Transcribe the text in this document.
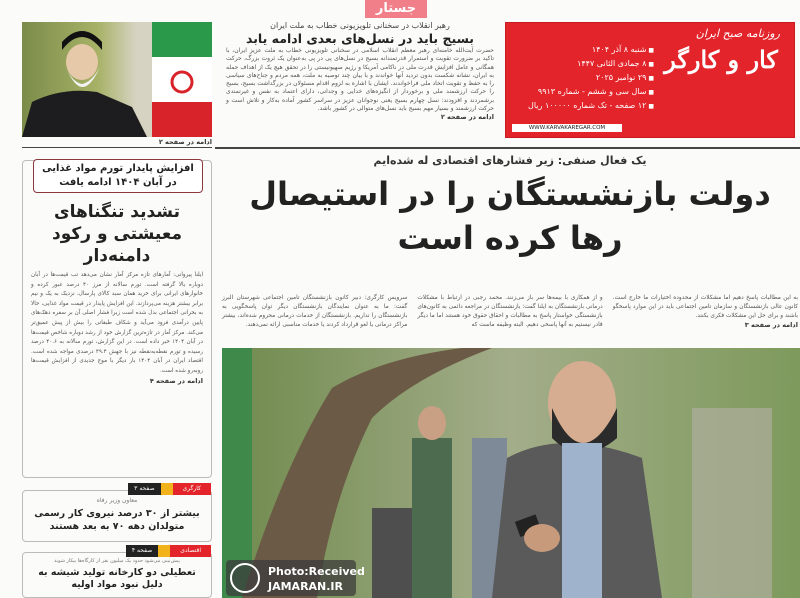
روزنامه صبح ایران
کار و کارگر
■ شنبه ۸ آذر ۱۴۰۴
■ ۸ جمادی الثانی ۱۴۴۷
■ ۲۹ نوامبر ۲۰۲۵
■ سال سی و ششم - شماره ۹۹۱۳
■ ۱۲ صفحه - تک شماره ۱۰۰۰۰۰ ریال
WWW.KARVAKAREGAR.COM
جستار
رهبر انقلاب در سخنانی تلویزیونی خطاب به ملت ایران
بسیج باید در نسل‌های بعدی ادامه یابد
حضرت آیت‌الله خامنه‌ای رهبر معظم انقلاب اسلامی در سخنانی تلویزیونی خطاب به ملت عزیز ایران، با تاکید بر ضرورت تقویت و استمرار قدرتمندانه بسیج در نسل‌های پی در پی به‌عنوان یک ثروت بزرگ، حرکت همگانی و عامل افزایش قدرت ملی در ناکامی آمریکا و رژیم صهیونیستی را در تحقق هیچ یک از اهداف حمله به ایران، نشانه شکست بدون تردید آنها خواندند و با بیان چند توصیه به ملت، همه مردم و جناح‌های سیاسی را به حفظ و تقویت اتحاد ملی فراخواندند. ایشان با اشاره به لزوم اقدام مسئولان در بزرگداشت بسیج، بسیج را حرکت ارزشمند ملی و برخوردار از انگیزه‌های خدایی و وجدانی، دارای اعتماد به نفس و غیرتمندی برشمردند و افزودند: نسل چهارم بسیج یعنی نوجوانان عزیز در سراسر کشور آماده به‌کار و تلاش است و حرکت ارزشمند و بسیار مهم بسیج باید نسل‌های متوالی در کشور باشد.
ادامه در صفحه ۲
ادامه در صفحه ۲
افزایش پایدار تورم مواد غذایی در آبان ۱۴۰۴ ادامه یافت
تشدید تنگناهای معیشتی و رکود دامنه‌دار
ایلنا پیروانی: آمارهای تازه مرکز آمار نشان می‌دهد تب قیمت‌ها در آبان دوباره بالا گرفته است. تورم سالانه از مرز ۴۰ درصد عبور کرده و خانوارهای ایرانی برای خرید همان سبد کالای پارسال، نزدیک به یک و نیم برابر بیشتر هزینه می‌پردازند. این افزایش پایدار در قیمت مواد غذایی، حالا به بحرانی اجتماعی بدل شده است زیرا فشار اصلی آن بر سفره دهک‌های پایین درآمدی فرود می‌آید و شکاف طبقاتی را بیش از پیش عمیق‌تر می‌کند. مرکز آمار در تازه‌ترین گزارش خود از رشد دوباره شاخص قیمت‌ها در آبان ۱۴۰۴ خبر داده است. در این گزارش، تورم سالانه به ۴۰.۶ درصد رسیده و تورم نقطه‌به‌نقطه نیز با جهش ۴۹.۴ درصدی مواجه شده است. اقتصاد ایران در آبان ۱۴۰۴ بار دیگر با موج جدیدی از افزایش قیمت‌ها روبه‌رو شده است.
ادامه در صفحه ۴
کارگری
صفحه ۳
معاون وزیر رفاه
بیشتر از ۳۰ درصد نیروی کار رسمی متولدان دهه ۷۰ به بعد هستند
اقتصادی
صفحه ۴
پیش‌بینی می‌شود حدود یک میلیون نفر از کارگاه‌ها بیکار شوند
تعطیلی دو کارخانه تولید شیشه به دلیل نبود مواد اولیه
یک فعال صنفی: زیر فشارهای اقتصادی له شده‌ایم
دولت بازنشستگان را در استیصال
رها کرده است
سرویس کارگری: دبیر کانون بازنشستگان تامین اجتماعی شهرستان البرز گفت: ما به عنوان نمایندگان بازنشستگان دیگر توان پاسخگویی به بازنشستگان را نداریم. بازنشستگان از خدمات درمانی محروم شده‌اند، بیشتر مراکز درمانی یا لغو قرارداد کردند یا خدمات مناسبی ارائه نمی‌دهند.
و از همکاری با بیمه‌ها سر باز می‌زنند. محمد رجبی در ارتباط با مشکلات درمانی بازنشستگان به ایلنا گفت: بازنشستگان در مراجعه دائمی به کانون‌های بازنشستگی خواستار پاسخ به مطالبات و احقاق حقوق خود هستند اما ما دیگر قادر نیستیم به آنها پاسخی دهیم. البته وظیفه ماست که
به این مطالبات پاسخ دهیم اما مشکلات از محدوده اختیارات ما خارج است. کانون عالی بازنشستگان و سازمان تامین اجتماعی باید در این موارد پاسخگو باشند و برای حل این مشکلات فکری بکنند.
ادامه در صفحه ۳
Photo:Received
JAMARAN.IR
